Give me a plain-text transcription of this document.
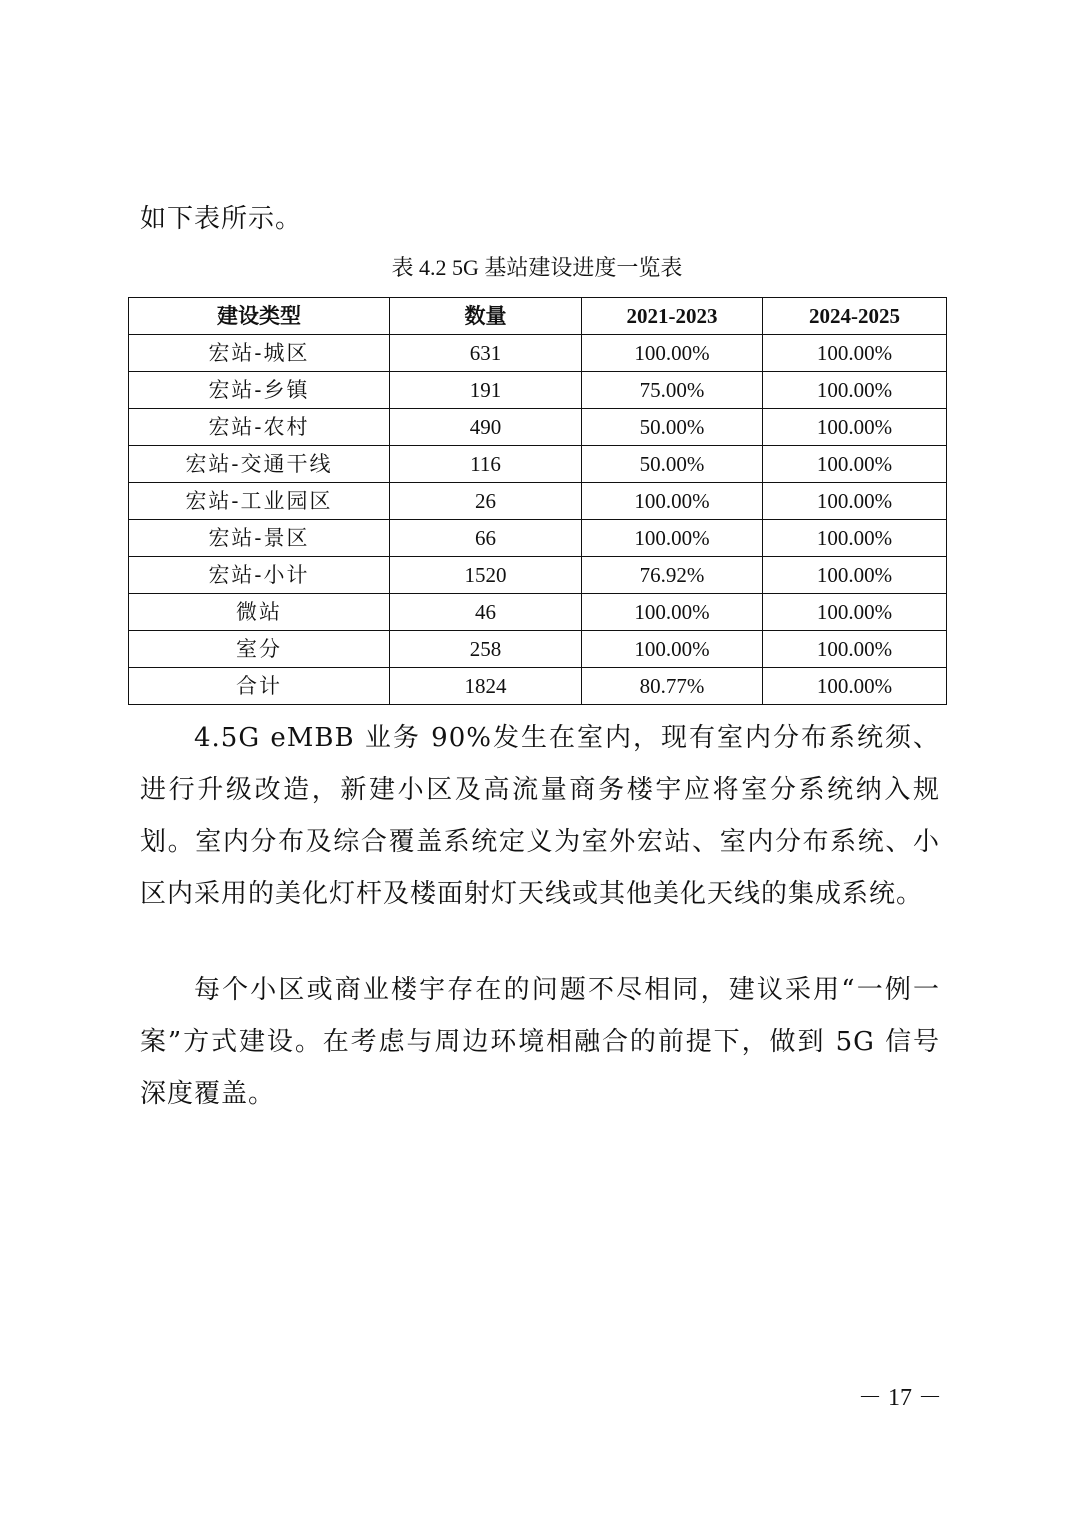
如下表所示。
表 4.2 5G 基站建设进度一览表
建设类型	数量	2021-2023	2024-2025
宏站-城区	631	100.00%	100.00%
宏站-乡镇	191	75.00%	100.00%
宏站-农村	490	50.00%	100.00%
宏站-交通干线	116	50.00%	100.00%
宏站-工业园区	26	100.00%	100.00%
宏站-景区	66	100.00%	100.00%
宏站-小计	1520	76.92%	100.00%
微站	46	100.00%	100.00%
室分	258	100.00%	100.00%
合计	1824	80.77%	100.00%

4.5G eMBB 业务 90%发生在室内，现有室内分布系统须、进行升级改造，新建小区及高流量商务楼宇应将室分系统纳入规划。室内分布及综合覆盖系统定义为室外宏站、室内分布系统、小区内采用的美化灯杆及楼面射灯天线或其他美化天线的集成系统。

每个小区或商业楼宇存在的问题不尽相同，建议采用“一例一案”方式建设。在考虑与周边环境相融合的前提下，做到 5G 信号深度覆盖。

－ 17 －
